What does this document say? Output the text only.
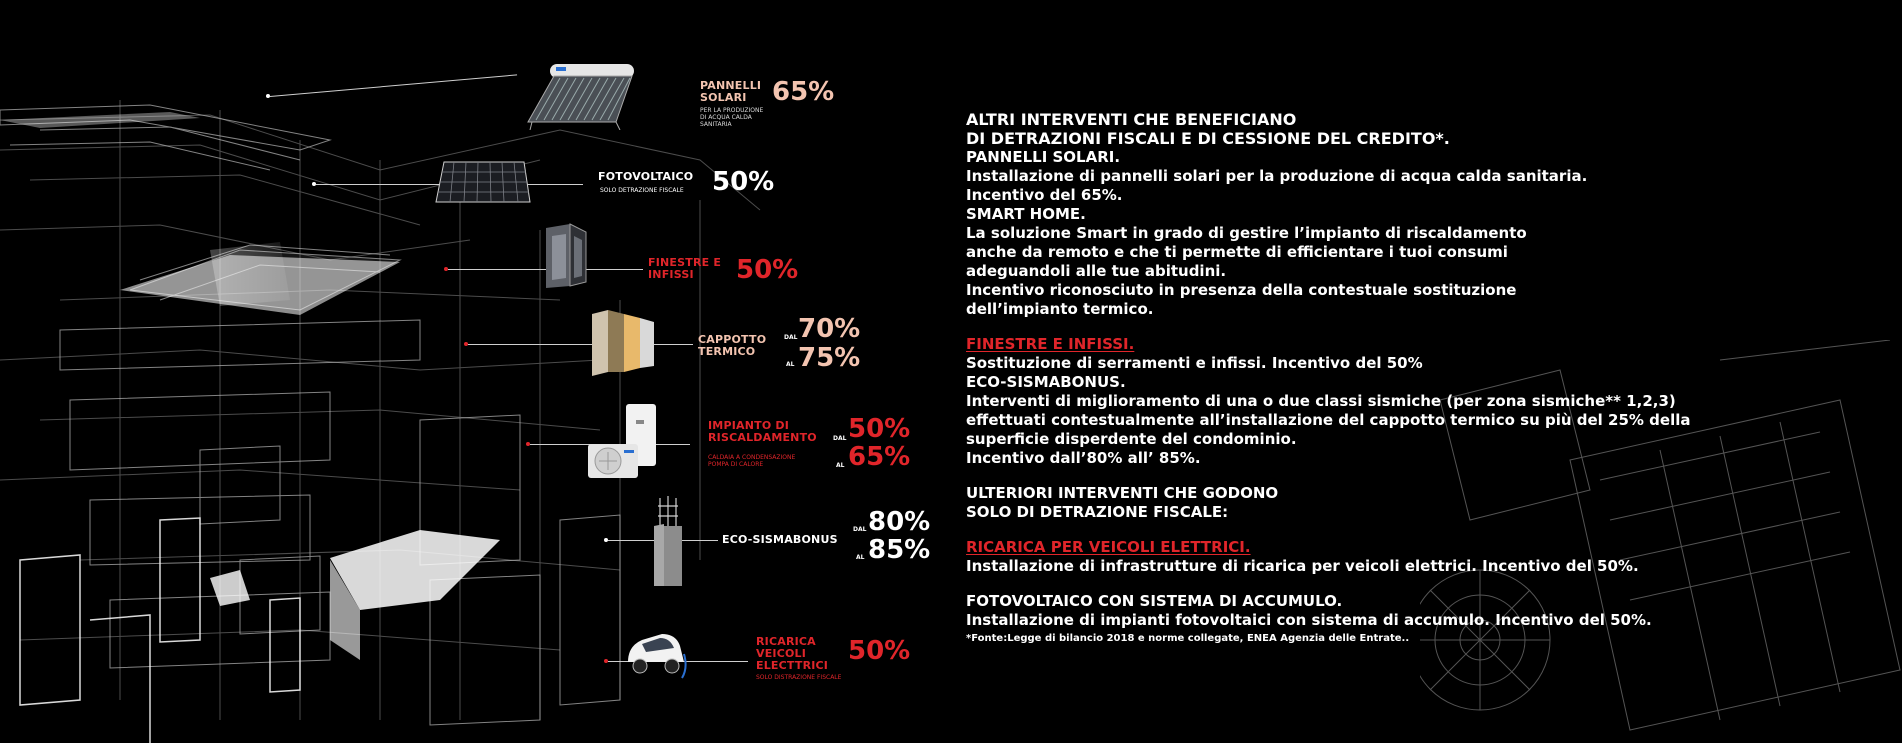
PANNELLI SOLARI
PER LA PRODUZIONE DI ACQUA CALDA SANITARIA
65%
FOTOVOLTAICO
SOLO DETRAZIONE FISCALE 50%
FINESTRE E INFISSI	50%
CAPPOTTO TERMICO
DAL 70%
AL 75%
IMPIANTO DI RISCALDAMENTO
CALDAIA A CONDENSAZIONE POMPA DI CALORE
DAL 50%
AL 65%
ECO-SISMABONUS
DAL 80%
AL 85%
RICARICA VEICOLI ELECTTRICI
SOLO DISTRAZIONE FISCALE
50%

ALTRI INTERVENTI CHE BENEFICIANO

DI DETRAZIONI FISCALI E DI CESSIONE DEL CREDITO*.

PANNELLI SOLARI.

Installazione di pannelli solari per la produzione di acqua calda sanitaria.

Incentivo del 65%.

SMART HOME.

La soluzione Smart in grado di gestire l’impianto di riscaldamento

anche da remoto e che ti permette di efficientare i tuoi consumi

adeguandoli alle tue abitudini.

Incentivo riconosciuto in presenza della contestuale sostituzione

dell’impianto termico.

FINESTRE E INFISSI.

Sostituzione di serramenti e infissi. Incentivo del 50%

ECO-SISMABONUS.

Interventi di miglioramento di una o due classi sismiche (per zona sismiche** 1,2,3)

effettuati contestualmente all’installazione del cappotto termico su più del 25% della

superficie disperdente del condominio.

Incentivo dall’80% all’ 85%.

ULTERIORI INTERVENTI CHE GODONO

SOLO DI DETRAZIONE FISCALE:

RICARICA PER VEICOLI ELETTRICI.

Installazione di infrastrutture di ricarica per veicoli elettrici. Incentivo del 50%.

FOTOVOLTAICO CON SISTEMA DI ACCUMULO.

Installazione di impianti fotovoltaici con sistema di accumulo. Incentivo del 50%.

*Fonte:Legge di bilancio 2018 e norme collegate, ENEA Agenzia delle Entrate..
